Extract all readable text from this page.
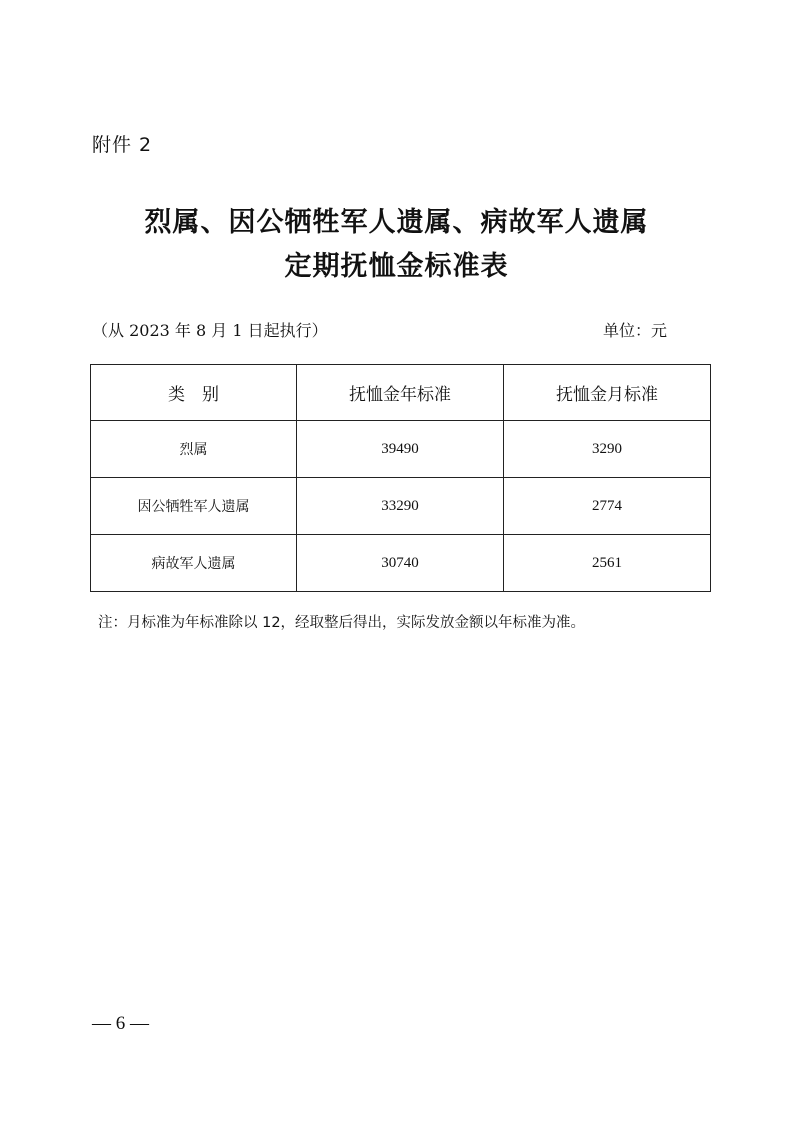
附件 2
烈属、因公牺牲军人遗属、病故军人遗属
定期抚恤金标准表
（从 2023 年 8 月 1 日起执行）	单位：元
类　别	抚恤金年标准	抚恤金月标准
烈属	39490	3290
因公牺牲军人遗属	33290	2774
病故军人遗属	30740	2561
注：月标准为年标准除以 12，经取整后得出，实际发放金额以年标准为准。
— 6 —
